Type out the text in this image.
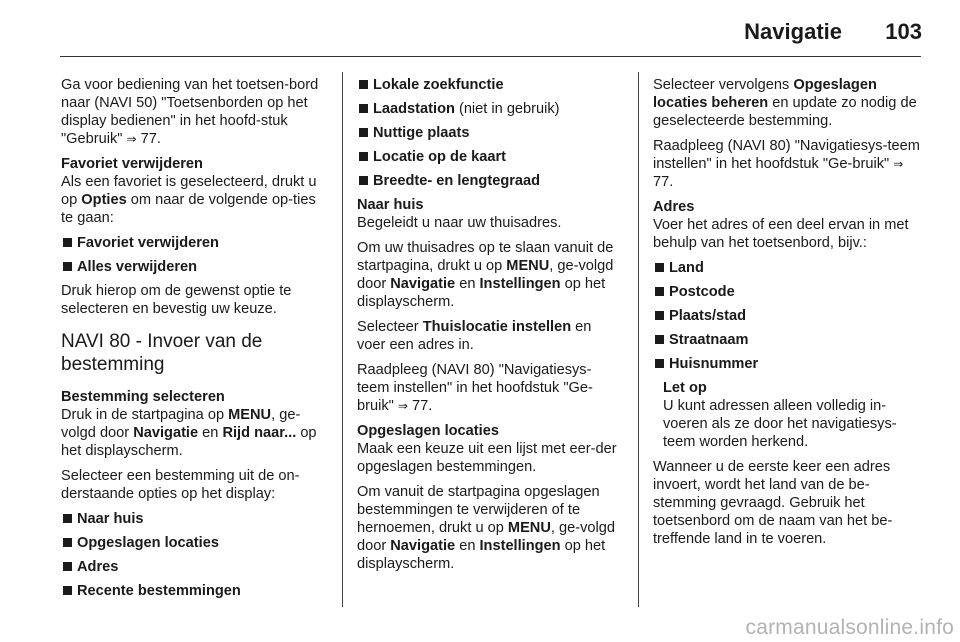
Navigatie 103

Ga voor bediening van het toetsen-bord naar (NAVI 50) "Toetsenborden op het display bedienen" in het hoofd-stuk "Gebruik" ⇒ 77.

Favoriet verwijderen

Als een favoriet is geselecteerd, drukt u op Opties om naar de volgende op-ties te gaan:

Favoriet verwijderen
Alles verwijderen

Druk hierop om de gewenst optie te selecteren en bevestig uw keuze.

NAVI 80 - Invoer van de bestemming
Bestemming selecteren

Druk in de startpagina op MENU, ge-volgd door Navigatie en Rijd naar... op het displayscherm.

Selecteer een bestemming uit de on-derstaande opties op het display:

Naar huis
Opgeslagen locaties
Adres
Recente bestemmingen
Lokale zoekfunctie
Laadstation (niet in gebruik)
Nuttige plaats
Locatie op de kaart
Breedte- en lengtegraad
Naar huis

Begeleidt u naar uw thuisadres.

Om uw thuisadres op te slaan vanuit de startpagina, drukt u op MENU, ge-volgd door Navigatie en Instellingen op het displayscherm.

Selecteer Thuislocatie instellen en voer een adres in.

Raadpleeg (NAVI 80) "Navigatiesys-teem instellen" in het hoofdstuk "Ge-bruik" ⇒ 77.

Opgeslagen locaties

Maak een keuze uit een lijst met eer-der opgeslagen bestemmingen.

Om vanuit de startpagina opgeslagen bestemmingen te verwijderen of te hernoemen, drukt u op MENU, ge-volgd door Navigatie en Instellingen op het displayscherm.

Selecteer vervolgens Opgeslagen locaties beheren en update zo nodig de geselecteerde bestemming.

Raadpleeg (NAVI 80) "Navigatiesys-teem instellen" in het hoofdstuk "Ge-bruik" ⇒ 77.

Adres

Voer het adres of een deel ervan in met behulp van het toetsenbord, bijv.:

Land
Postcode
Plaats/stad
Straatnaam
Huisnummer
Let op
U kunt adressen alleen volledig in-voeren als ze door het navigatiesys-teem worden herkend.

Wanneer u de eerste keer een adres invoert, wordt het land van de be-stemming gevraagd. Gebruik het toetsenbord om de naam van het be-treffende land in te voeren.

carmanualsonline.info
